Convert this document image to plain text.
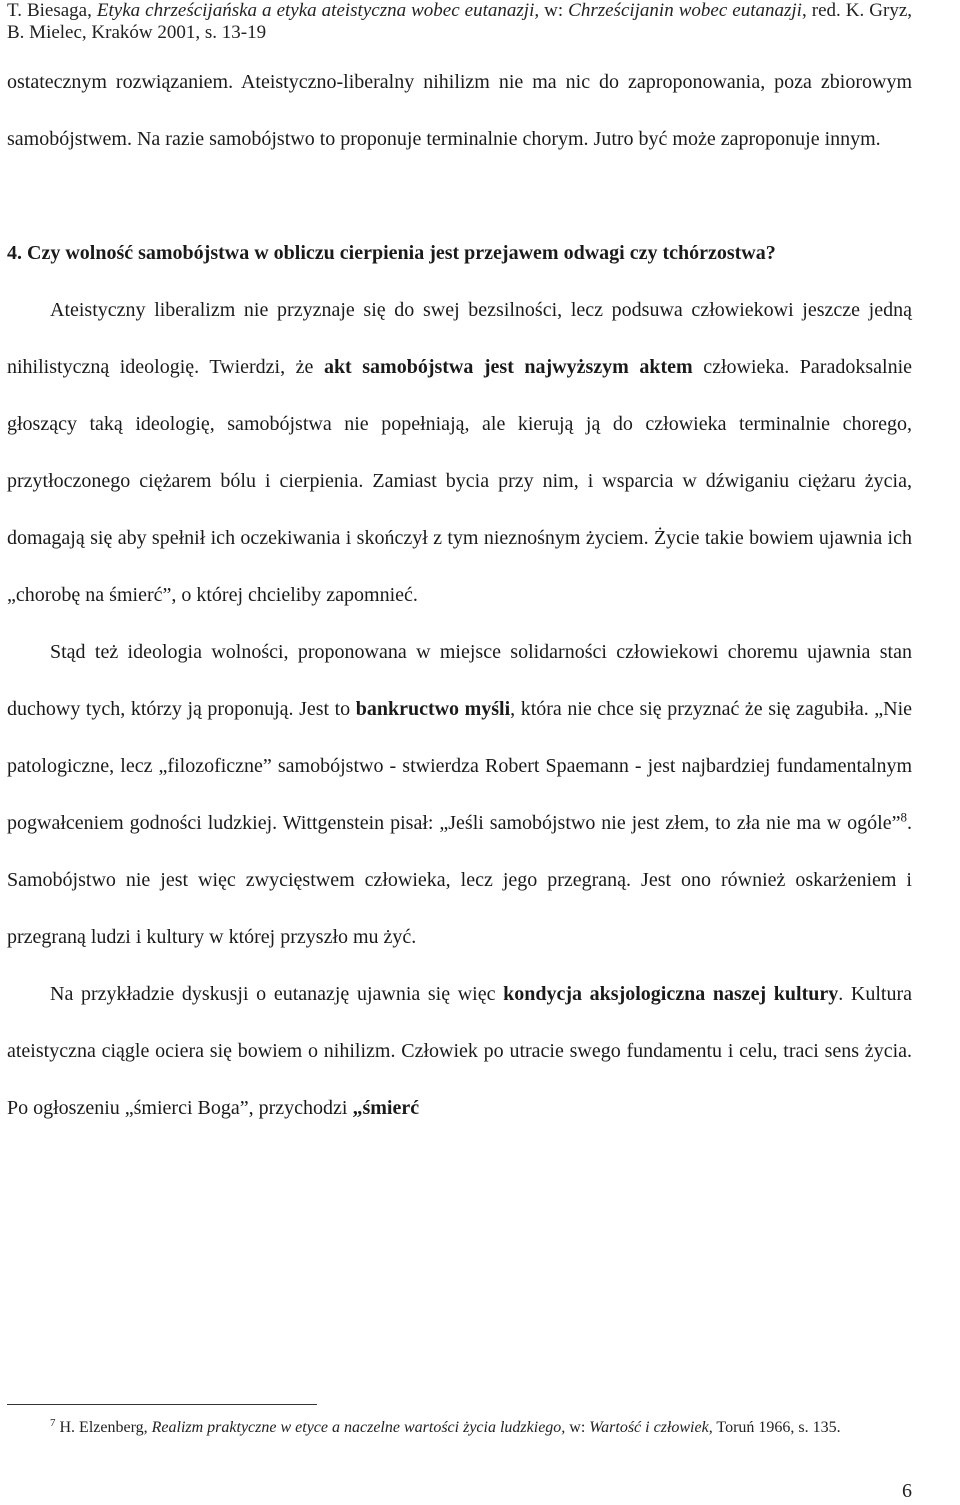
T. Biesaga, Etyka chrześcijańska a etyka ateistyczna wobec eutanazji, w: Chrześcijanin wobec eutanazji, red. K. Gryz, B. Mielec, Kraków 2001, s. 13-19

ostatecznym rozwiązaniem. Ateistyczno-liberalny nihilizm nie ma nic do zaproponowania, poza zbiorowym samobójstwem. Na razie samobójstwo to proponuje terminalnie chorym. Jutro być może zaproponuje innym.

4. Czy wolność samobójstwa w obliczu cierpienia jest przejawem odwagi czy tchórzostwa?

Ateistyczny liberalizm nie przyznaje się do swej bezsilności, lecz podsuwa człowiekowi jeszcze jedną nihilistyczną ideologię. Twierdzi, że akt samobójstwa jest najwyższym aktem człowieka. Paradoksalnie głoszący taką ideologię, samobójstwa nie popełniają, ale kierują ją do człowieka terminalnie chorego, przytłoczonego ciężarem bólu i cierpienia. Zamiast bycia przy nim, i wsparcia w dźwiganiu ciężaru życia, domagają się aby spełnił ich oczekiwania i skończył z tym nieznośnym życiem. Życie takie bowiem ujawnia ich „chorobę na śmierć”, o której chcieliby zapomnieć.

Stąd też ideologia wolności, proponowana w miejsce solidarności człowiekowi choremu ujawnia stan duchowy tych, którzy ją proponują. Jest to bankructwo myśli, która nie chce się przyznać że się zagubiła. „Nie patologiczne, lecz „filozoficzne” samobójstwo - stwierdza Robert Spaemann - jest najbardziej fundamentalnym pogwałceniem godności ludzkiej. Wittgenstein pisał: „Jeśli samobójstwo nie jest złem, to zła nie ma w ogóle”$^8$. Samobójstwo nie jest więc zwycięstwem człowieka, lecz jego przegraną. Jest ono również oskarżeniem i przegraną ludzi i kultury w której przyszło mu żyć.

Na przykładzie dyskusji o eutanazję ujawnia się więc kondycja aksjologiczna naszej kultury. Kultura ateistyczna ciągle ociera się bowiem o nihilizm. Człowiek po utracie swego fundamentu i celu, traci sens życia. Po ogłoszeniu „śmierci Boga”, przychodzi „śmierć

$^7$ H. Elzenberg, Realizm praktyczne w etyce a naczelne wartości życia ludzkiego, w: Wartość i człowiek, Toruń 1966, s. 135.
6
